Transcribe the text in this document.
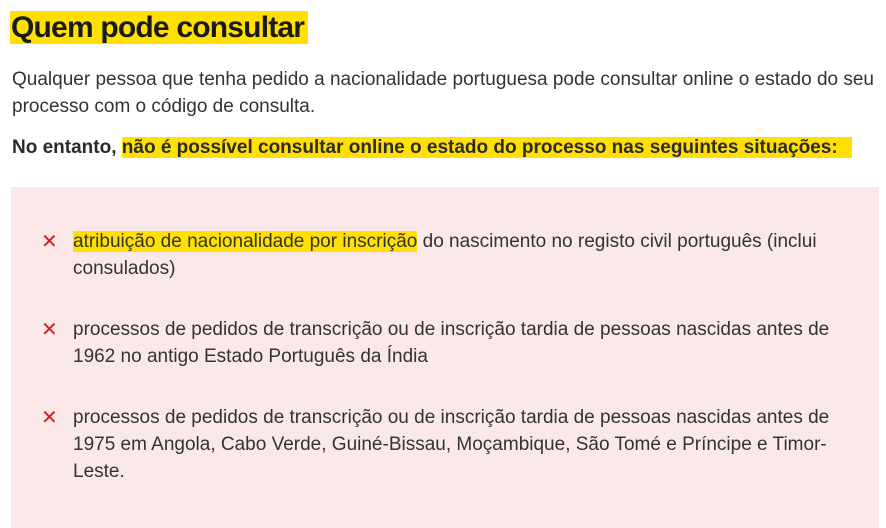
Quem pode consultar

Qualquer pessoa que tenha pedido a nacionalidade portuguesa pode consultar online o estado do seu processo com o código de consulta.

No entanto, não é possível consultar online o estado do processo nas seguintes situações:

✕ atribuição de nacionalidade por inscrição do nascimento no registo civil português (inclui consulados)
✕ processos de pedidos de transcrição ou de inscrição tardia de pessoas nascidas antes de 1962 no antigo Estado Português da Índia
✕ processos de pedidos de transcrição ou de inscrição tardia de pessoas nascidas antes de 1975 em Angola, Cabo Verde, Guiné-Bissau, Moçambique, São Tomé e Príncipe e Timor-Leste.
